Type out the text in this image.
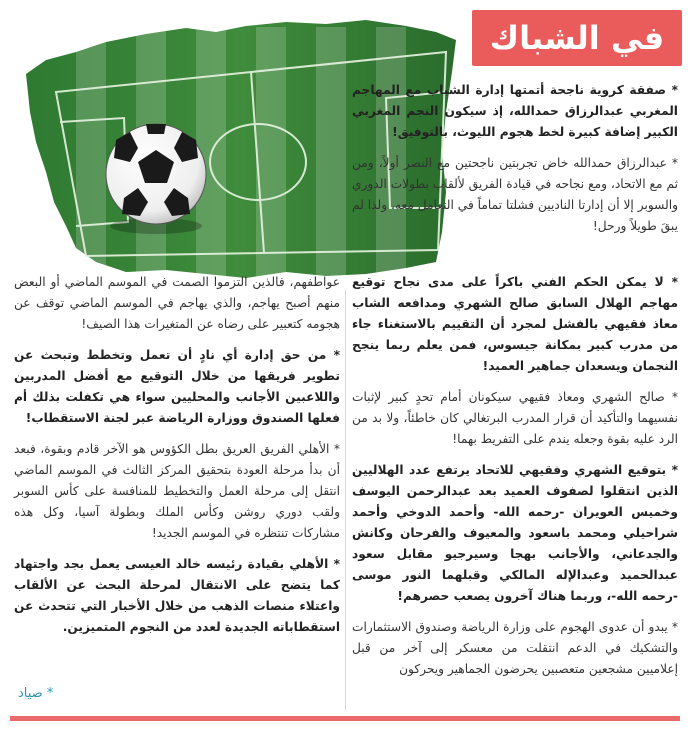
في الشباك

* صفقة كروية ناجحة أتمتها إدارة الشباب مع المهاجم المغربي عبدالرزاق حمدالله، إذ سيكون النجم المغربي الكبير إضافة كبيرة لخط هجوم الليوث، بالتوفيق!

* عبدالرزاق حمدالله خاض تجربتين ناجحتين مع النصر أولاً، ومن ثم مع الاتحاد، ومع نجاحه في قيادة الفريق لألقاب بطولات الدوري والسوبر إلا أن إدارتا الناديين فشلتا تماماً في التعامل معه، ولذا لم يبقَ طويلاً ورحل!

* لا يمكن الحكم الفني باكراً على مدى نجاح توقيع مهاجم الهلال السابق صالح الشهري ومدافعه الشاب معاذ فقيهي بالفشل لمجرد أن التقييم بالاستغناء جاء من مدرب كبير بمكانة جيسوس، فمن يعلم ربما ينجح النجمان ويسعدان جماهير العميد!

* صالح الشهري ومعاذ فقيهي سيكونان أمام تحدٍ كبير لإثبات نفسيهما والتأكيد أن قرار المدرب البرتغالي كان خاطئاً، ولا بد من الرد عليه بقوة وجعله يندم على التفريط بهما!

* بتوقيع الشهري وفقيهي للاتحاد يرتفع عدد الهلاليين الذين انتقلوا لصفوف العميد بعد عبدالرحمن اليوسف وخميس العويران -رحمه الله- وأحمد الدوخي وأحمد شراحيلي ومحمد باسعود والمعيوف والفرحان وكانش والجدعاني، والأجانب بهجا وسيرجيو مقابل سعود عبدالحميد وعبدالإله المالكي وقبلهما النور موسى -رحمه الله-، وربما هناك آخرون يصعب حصرهم!

* يبدو أن عدوى الهجوم على وزارة الرياضة وصندوق الاستثمارات والتشكيك في الدعم انتقلت من معسكر إلى آخر من قبل إعلاميين مشجعين متعصبين يحرضون الجماهير ويحركون

عواطفهم، فالذين التزموا الصمت في الموسم الماضي أو البعض منهم أصبح يهاجم، والذي يهاجم في الموسم الماضي توقف عن هجومه كتعبير على رضاه عن المتغيرات هذا الصيف!

* من حق إدارة أي نادٍ أن تعمل وتخطط وتبحث عن تطوير فريقها من خلال التوقيع مع أفضل المدربين واللاعبين الأجانب والمحليين سواء هي تكفلت بذلك أم فعلها الصندوق ووزارة الرياضة عبر لجنة الاستقطاب!

* الأهلي الفريق العريق بطل الكؤوس هو الآخر قادم وبقوة، فبعد أن بدأ مرحلة العودة بتحقيق المركز الثالث في الموسم الماضي انتقل إلى مرحلة العمل والتخطيط للمنافسة على كأس السوبر ولقب دوري روشن وكأس الملك وبطولة آسيا، وكل هذه مشاركات تنتظره في الموسم الجديد!

* الأهلي بقيادة رئيسه خالد العيسى يعمل بجد واجتهاد كما يتضح على الانتقال لمرحلة البحث عن الألقاب واعتلاء منصات الذهب من خلال الأخبار التي تتحدث عن استقطاباته الجديدة لعدد من النجوم المتميزين.

* صياد
